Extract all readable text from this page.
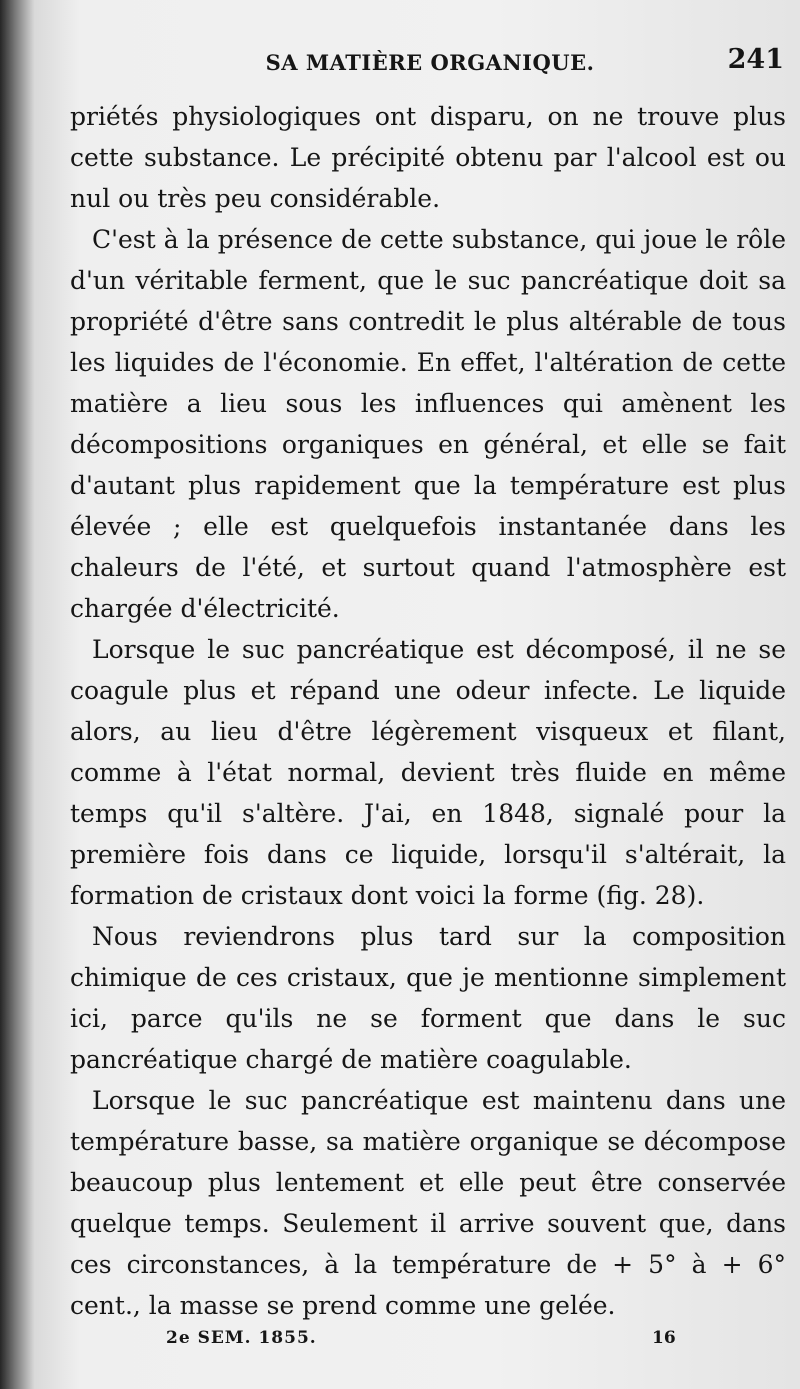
SA MATIÈRE ORGANIQUE.	241

priétés physiologiques ont disparu, on ne trouve plus cette substance. Le précipité obtenu par l'alcool est ou nul ou très peu considérable.

C'est à la présence de cette substance, qui joue le rôle d'un véritable ferment, que le suc pancréatique doit sa propriété d'être sans contredit le plus altérable de tous les liquides de l'économie. En effet, l'altération de cette matière a lieu sous les influences qui amènent les décompositions organiques en général, et elle se fait d'autant plus rapidement que la température est plus élevée ; elle est quelquefois instantanée dans les chaleurs de l'été, et surtout quand l'atmosphère est chargée d'électricité.

Lorsque le suc pancréatique est décomposé, il ne se coagule plus et répand une odeur infecte. Le liquide alors, au lieu d'être légèrement visqueux et filant, comme à l'état normal, devient très fluide en même temps qu'il s'altère. J'ai, en 1848, signalé pour la première fois dans ce liquide, lorsqu'il s'altérait, la formation de cristaux dont voici la forme (fig. 28).

Nous reviendrons plus tard sur la composition chimique de ces cristaux, que je mentionne simplement ici, parce qu'ils ne se forment que dans le suc pancréatique chargé de matière coagulable.

Lorsque le suc pancréatique est maintenu dans une température basse, sa matière organique se décompose beaucoup plus lentement et elle peut être conservée quelque temps. Seulement il arrive souvent que, dans ces circonstances, à la température de + 5° à + 6° cent., la masse se prend comme une gelée.

2e SEM. 1855.	16
